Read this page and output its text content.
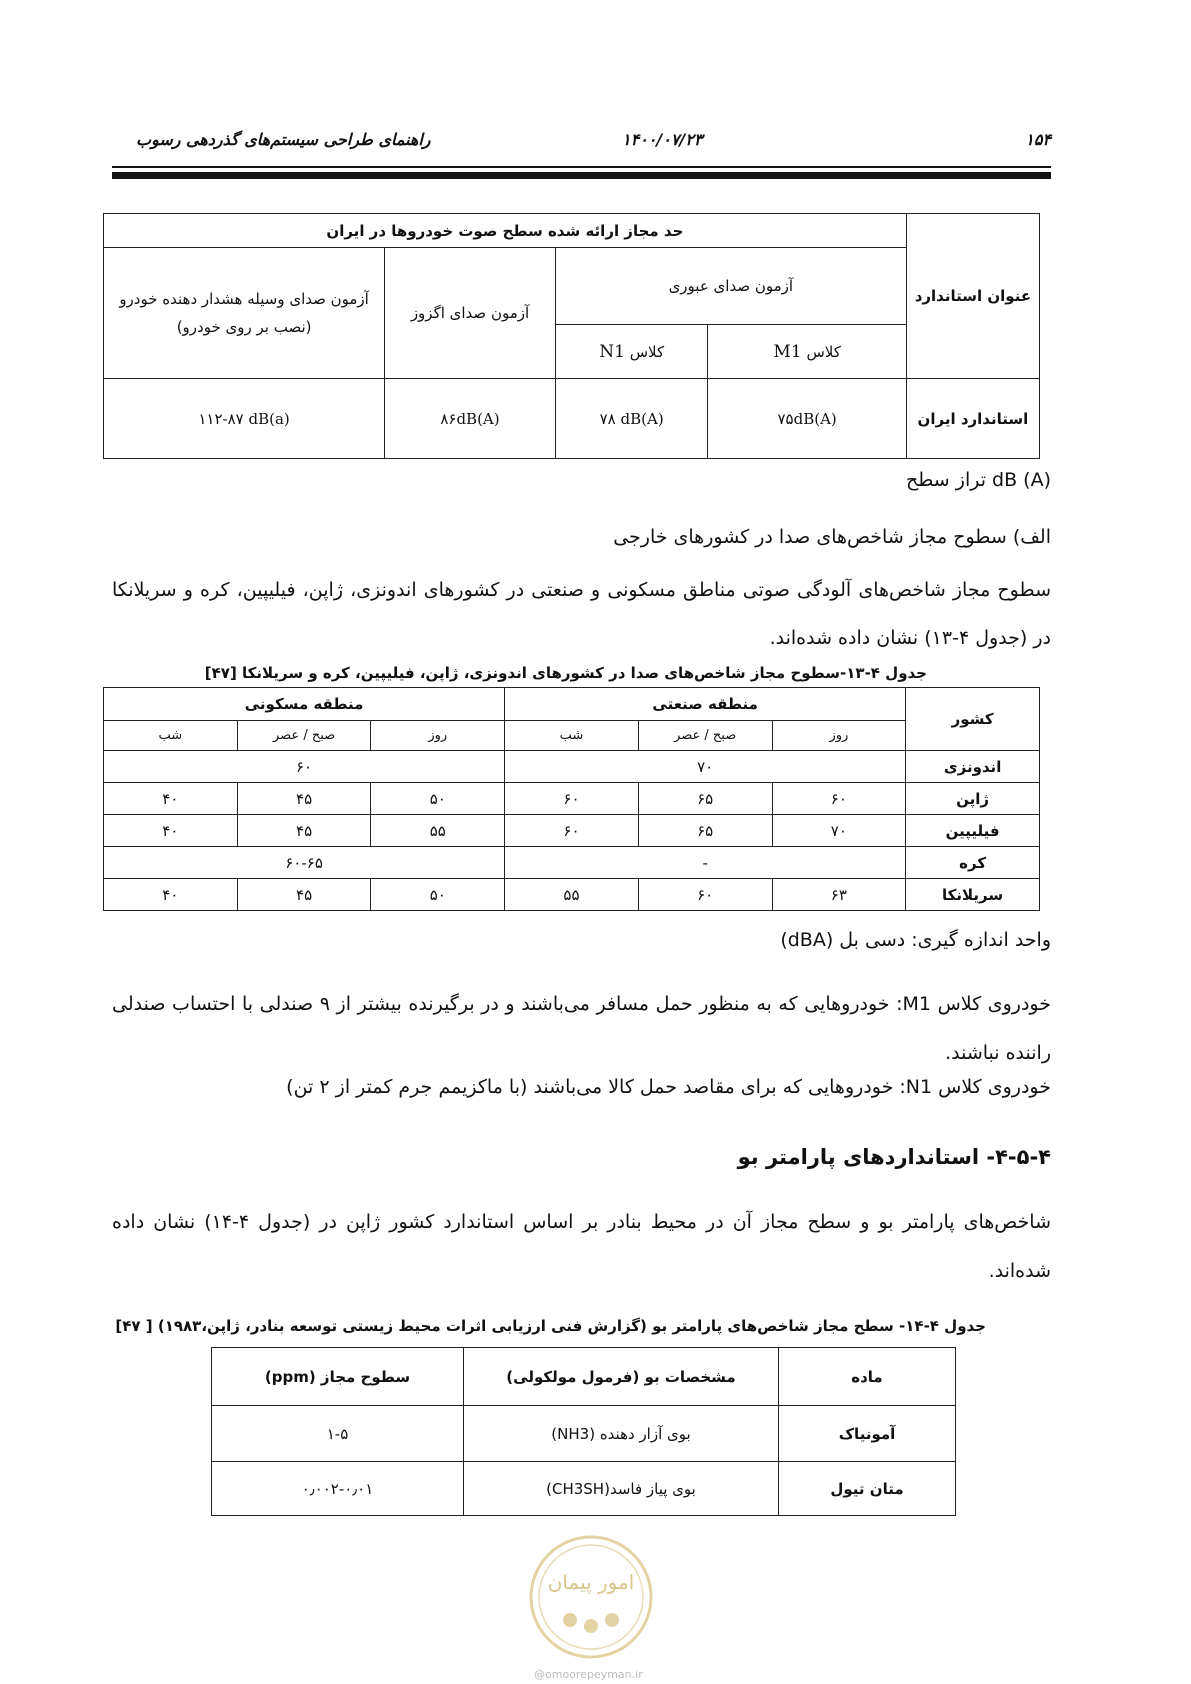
۱۵۴
۱۴۰۰/۰۷/۲۳
راهنمای طراحی سیستم‌های گذردهی رسوب
عنوان استاندارد	حد مجاز ارائه شده سطح صوت خودروها در ایران			
	آزمون صدای عبوری		آزمون صدای اگزوز	آزمون صدای وسیله هشدار دهنده خودرو
(نصب بر روی خودرو)

	کلاس M1	کلاس N1		
استاندارد ایران	۷۵dB(A)	۷۸ dB(A)	۸۶dB(A)	۱۱۲-۸۷ dB(a)
dB (A) تراز سطح
الف) سطوح مجاز شاخص‌های صدا در کشورهای خارجی
سطوح مجاز شاخص‌های آلودگی صوتی مناطق مسکونی و صنعتی در کشورهای اندونزی، ژاپن، فیلیپین، کره و سریلانکا در (جدول ۴-۱۳) نشان داده شده‌اند.
جدول ۴-۱۳-سطوح مجاز شاخص‌های صدا در کشورهای اندونزی، ژاپن، فیلیپین، کره و سریلانکا [۴۷]
کشور	منطقه صنعتی			منطقه مسکونی		
	روز	صبح / عصر	شب	روز	صبح / عصر	شب
اندونزی	۷۰			۶۰		
ژاپن	۶۰	۶۵	۶۰	۵۰	۴۵	۴۰
فیلیپین	۷۰	۶۵	۶۰	۵۵	۴۵	۴۰
کره	-			۶۰-۶۵		
سریلانکا	۶۳	۶۰	۵۵	۵۰	۴۵	۴۰
واحد اندازه گیری: دسی بل (dBA)
خودروی کلاس M1: خودروهایی که به منظور حمل مسافر می‌باشند و در برگیرنده بیشتر از ۹ صندلی با احتساب صندلی راننده نباشند.
خودروی کلاس N1: خودروهایی که برای مقاصد حمل کالا می‌باشند (با ماکزیمم جرم کمتر از ۲ تن)
۴-۵-۴- استانداردهای پارامتر بو
شاخص‌های پارامتر بو و سطح مجاز آن در محیط بنادر بر اساس استاندارد کشور ژاپن در (جدول ۴-۱۴) نشان داده شده‌اند.
جدول ۴-۱۴- سطح مجاز شاخص‌های پارامتر بو (گزارش فنی ارزیابی اثرات محیط زیستی توسعه بنادر، ژاپن،۱۹۸۳) [ ۴۷]
ماده	مشخصات بو (فرمول مولکولی)	سطوح مجاز (ppm)
آمونیاک	بوی آزار دهنده (NH3)	۱-۵
متان تیول	بوی پیاز فاسد(CH3SH)	۰٫۰۰۲-۰٫۰۱
امور پیمان
@omoorepeyman.ir
